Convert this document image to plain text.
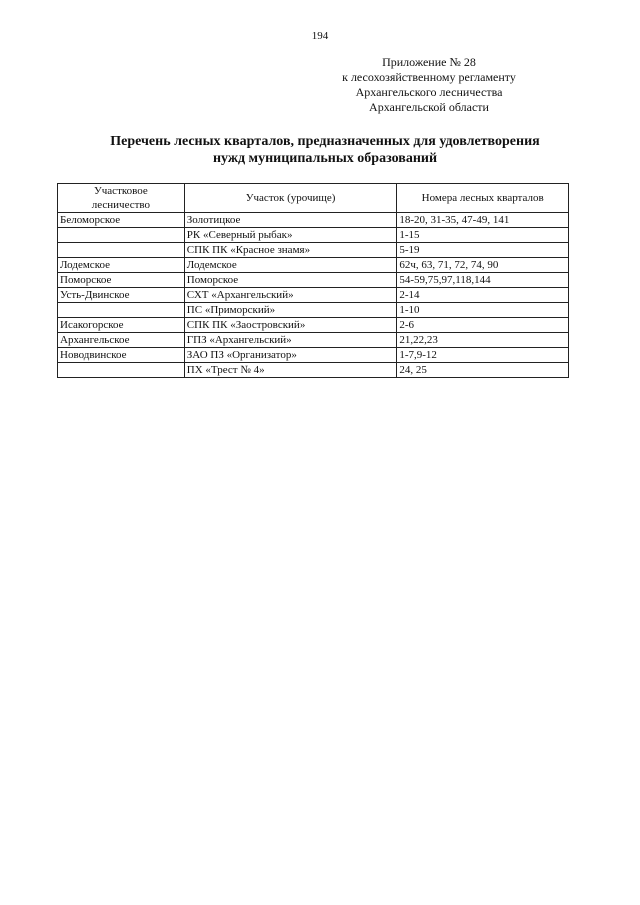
194
Приложение № 28
к лесохозяйственному регламенту
Архангельского лесничества
Архангельской области
Перечень лесных кварталов, предназначенных для удовлетворения
нужд муниципальных образований
Участковое
лесничество	Участок (урочище)	Номера лесных кварталов
Беломорское	Золотицкое	18-20, 31-35, 47-49, 141
	РК «Северный рыбак»	1-15
	СПК ПК «Красное знамя»	5-19
Лодемское	Лодемское	62ч, 63, 71, 72, 74, 90
Поморское	Поморское	54-59,75,97,118,144
Усть-Двинское	СХТ «Архангельский»	2-14
	ПС «Приморский»	1-10
Исакогорское	СПК ПК «Заостровский»	2-6
Архангельское	ГПЗ «Архангельский»	21,22,23
Новодвинское	ЗАО ПЗ «Организатор»	1-7,9-12
	ПХ «Трест № 4»	24, 25
